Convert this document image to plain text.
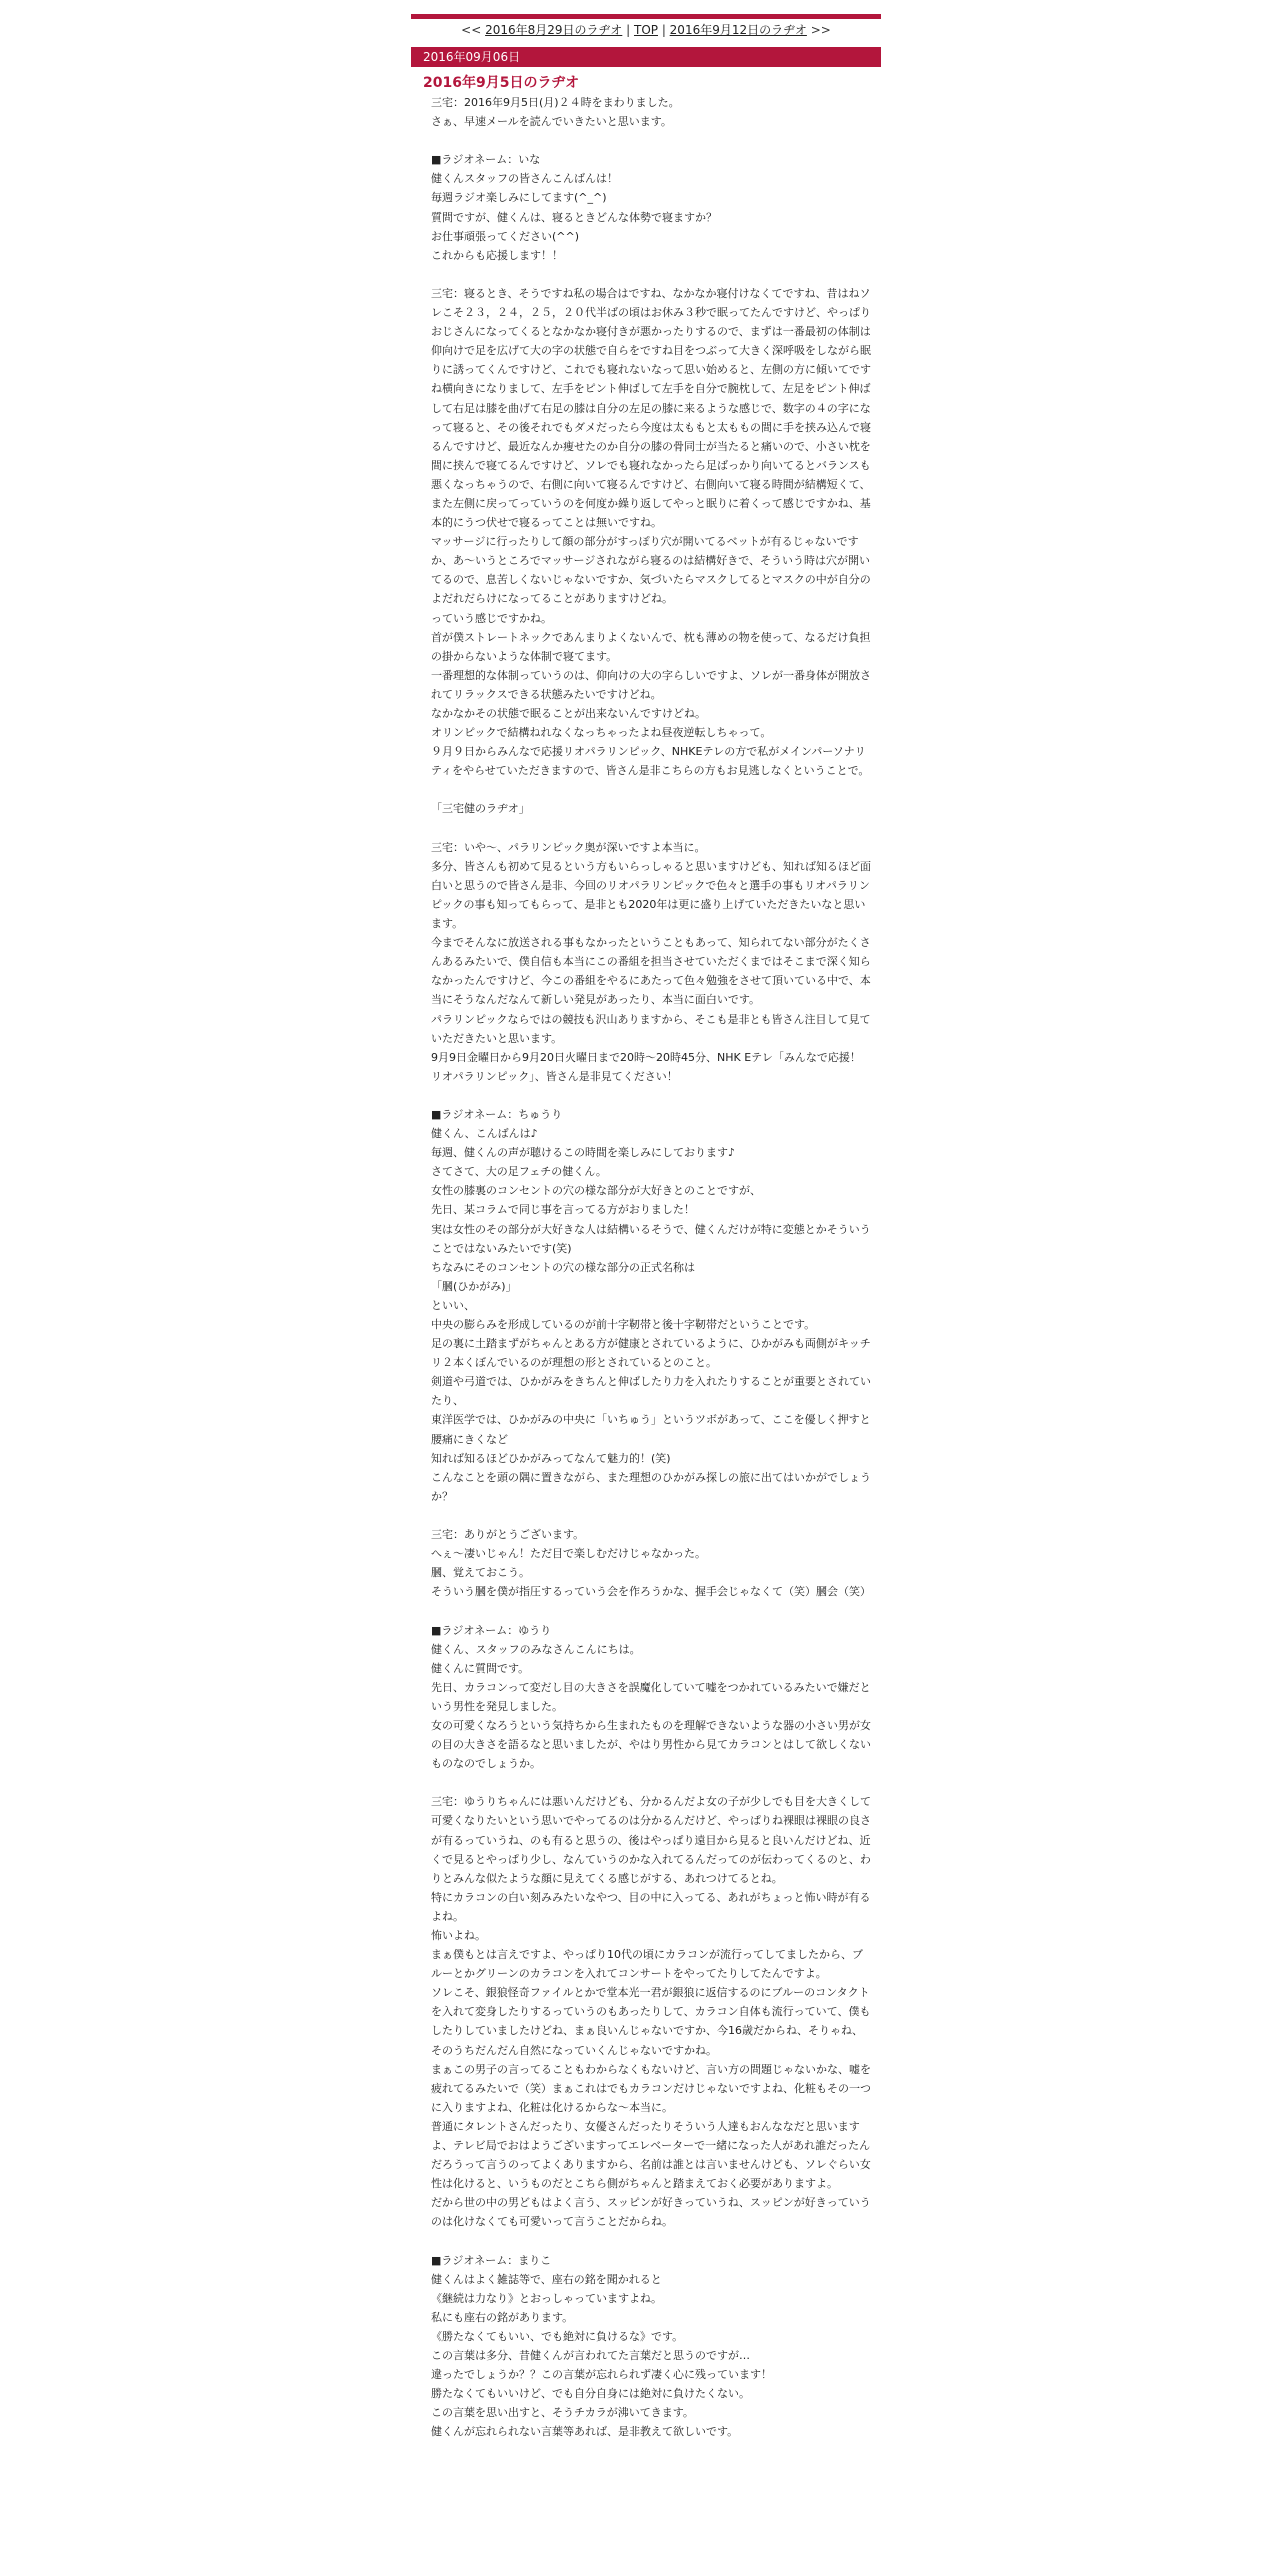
<< 2016年8月29日のラヂオ | TOP | 2016年9月12日のラヂオ >>
2016年09月06日
2016年9月5日のラヂオ
三宅：2016年9月5日(月)２４時をまわりました。
さぁ、早速メールを読んでいきたいと思います。

■ラジオネーム：いな
健くんスタッフの皆さんこんばんは！
毎週ラジオ楽しみにしてます(^_^)
質問ですが、健くんは、寝るときどんな体勢で寝ますか？
お仕事頑張ってください(^^)
これからも応援します！！

三宅：寝るとき、そうですね私の場合はですね、なかなか寝付けなくてですね、昔はねソレこそ２３，２４，２５，２０代半ばの頃はお休み３秒で眠ってたんですけど、やっぱりおじさんになってくるとなかなか寝付きが悪かったりするので、まずは一番最初の体制は仰向けで足を広げて大の字の状態で自らをですね目をつぶって大きく深呼吸をしながら眠りに誘ってくんですけど、これでも寝れないなって思い始めると、左側の方に傾いてですね横向きになりまして、左手をピント伸ばして左手を自分で腕枕して、左足をピント伸ばして右足は膝を曲げて右足の膝は自分の左足の膝に来るような感じで、数字の４の字になって寝ると、その後それでもダメだったら今度は太ももと太ももの間に手を挟み込んで寝るんですけど、最近なんか痩せたのか自分の膝の骨同士が当たると痛いので、小さい枕を間に挟んで寝てるんですけど、ソレでも寝れなかったら足ばっかり向いてるとバランスも悪くなっちゃうので、右側に向いて寝るんですけど、右側向いて寝る時間が結構短くて、また左側に戻ってっていうのを何度か繰り返してやっと眠りに着くって感じですかね、基本的にうつ伏せで寝るってことは無いですね。
マッサージに行ったりして顔の部分がすっぽり穴が開いてるベットが有るじゃないですか、あ～いうところでマッサージされながら寝るのは結構好きで、そういう時は穴が開いてるので、息苦しくないじゃないですか、気づいたらマスクしてるとマスクの中が自分のよだれだらけになってることがありますけどね。
っていう感じですかね。
首が僕ストレートネックであんまりよくないんで、枕も薄めの物を使って、なるだけ負担の掛からないような体制で寝てます。
一番理想的な体制っていうのは、仰向けの大の字らしいですよ、ソレが一番身体が開放されてリラックスできる状態みたいですけどね。
なかなかその状態で眠ることが出来ないんですけどね。
オリンピックで結構ねれなくなっちゃったよね昼夜逆転しちゃって。
９月９日からみんなで応援リオパラリンピック、NHKEテレの方で私がメインパーソナリティをやらせていただきますので、皆さん是非こちらの方もお見逃しなくということで。

「三宅健のラヂオ」

三宅：いや～、パラリンピック奥が深いですよ本当に。
多分、皆さんも初めて見るという方もいらっしゃると思いますけども、知れば知るほど面白いと思うので皆さん是非、今回のリオパラリンピックで色々と選手の事もリオパラリンピックの事も知ってもらって、是非とも2020年は更に盛り上げていただきたいなと思います。
今までそんなに放送される事もなかったということもあって、知られてない部分がたくさんあるみたいで、僕自信も本当にこの番組を担当させていただくまではそこまで深く知らなかったんですけど、今この番組をやるにあたって色々勉強をさせて頂いている中で、本当にそうなんだなんて新しい発見があったり、本当に面白いです。
パラリンピックならではの競技も沢山ありますから、そこも是非とも皆さん注目して見ていただきたいと思います。
9月9日金曜日から9月20日火曜日まで20時～20時45分、NHK Eテレ「みんなで応援！リオパラリンピック」、皆さん是非見てください！

■ラジオネーム：ちゅうり
健くん、こんばんは♪
毎週、健くんの声が聴けるこの時間を楽しみにしております♪
さてさて、大の足フェチの健くん。
女性の膝裏のコンセントの穴の様な部分が大好きとのことですが、
先日、某コラムで同じ事を言ってる方がおりました！
実は女性のその部分が大好きな人は結構いるそうで、健くんだけが特に変態とかそういうことではないみたいです(笑)
ちなみにそのコンセントの穴の様な部分の正式名称は
「膕(ひかがみ)」
といい、
中央の膨らみを形成しているのが前十字靭帯と後十字靭帯だということです。
足の裏に土踏まずがちゃんとある方が健康とされているように、ひかがみも両側がキッチリ２本くぼんでいるのが理想の形とされているとのこと。
剣道や弓道では、ひかがみをきちんと伸ばしたり力を入れたりすることが重要とされていたり、
東洋医学では、ひかがみの中央に「いちゅう」というツボがあって、ここを優しく押すと腰痛にきくなど
知れば知るほどひかがみってなんて魅力的！(笑)
こんなことを頭の隅に置きながら、また理想のひかがみ探しの旅に出てはいかがでしょうか？

三宅：ありがとうございます。
へぇ～凄いじゃん！ただ目で楽しむだけじゃなかった。
膕、覚えておこう。
そういう膕を僕が指圧するっていう会を作ろうかな、握手会じゃなくて（笑）膕会（笑）

■ラジオネーム：ゆうり
健くん、スタッフのみなさんこんにちは。
健くんに質問です。
先日、カラコンって変だし目の大きさを誤魔化していて嘘をつかれているみたいで嫌だという男性を発見しました。
女の可愛くなろうという気持ちから生まれたものを理解できないような器の小さい男が女の目の大きさを語るなと思いましたが、やはり男性から見てカラコンとはして欲しくないものなのでしょうか。

三宅：ゆうりちゃんには悪いんだけども、分かるんだよ女の子が少しでも目を大きくして可愛くなりたいという思いでやってるのは分かるんだけど、やっぱりね裸眼は裸眼の良さが有るっていうね、のも有ると思うの、後はやっぱり遠目から見ると良いんだけどね、近くで見るとやっぱり少し、なんていうのかな入れてるんだってのが伝わってくるのと、わりとみんな似たような顔に見えてくる感じがする、あれつけてるとね。
特にカラコンの白い刻みみたいなやつ、目の中に入ってる、あれがちょっと怖い時が有るよね。
怖いよね。
まぁ僕もとは言えですよ、やっぱり10代の頃にカラコンが流行ってしてましたから、ブルーとかグリーンのカラコンを入れてコンサートをやってたりしてたんですよ。
ソレこそ、銀狼怪奇ファイルとかで堂本光一君が銀狼に返信するのにブルーのコンタクトを入れて変身したりするっていうのもあったりして、カラコン自体も流行っていて、僕もしたりしていましたけどね、まぁ良いんじゃないですか、今16歳だからね、そりゃね、そのうちだんだん自然になっていくんじゃないですかね。
まぁこの男子の言ってることもわからなくもないけど、言い方の問題じゃないかな、嘘を疲れてるみたいで（笑）まぁこれはでもカラコンだけじゃないですよね、化粧もその一つに入りますよね、化粧は化けるからな～本当に。
普通にタレントさんだったり、女優さんだったりそういう人達もおんななだと思いますよ、テレビ局でおはようございますってエレベーターで一緒になった人があれ誰だったんだろうって言うのってよくありますから、名前は誰とは言いませんけども、ソレぐらい女性は化けると、いうものだとこちら側がちゃんと踏まえておく必要がありますよ。
だから世の中の男どもはよく言う、スッピンが好きっていうね、スッピンが好きっていうのは化けなくても可愛いって言うことだからね。

■ラジオネーム：まりこ
健くんはよく雑誌等で、座右の銘を聞かれると
《継続は力なり》とおっしゃっていますよね。
私にも座右の銘があります。
《勝たなくてもいい、でも絶対に負けるな》です。
この言葉は多分、昔健くんが言われてた言葉だと思うのですが…
違ったでしょうか？？この言葉が忘れられず凄く心に残っています！
勝たなくてもいいけど、でも自分自身には絶対に負けたくない。
この言葉を思い出すと、そうチカラが沸いてきます。
健くんが忘れられない言葉等あれば、是非教えて欲しいです。
